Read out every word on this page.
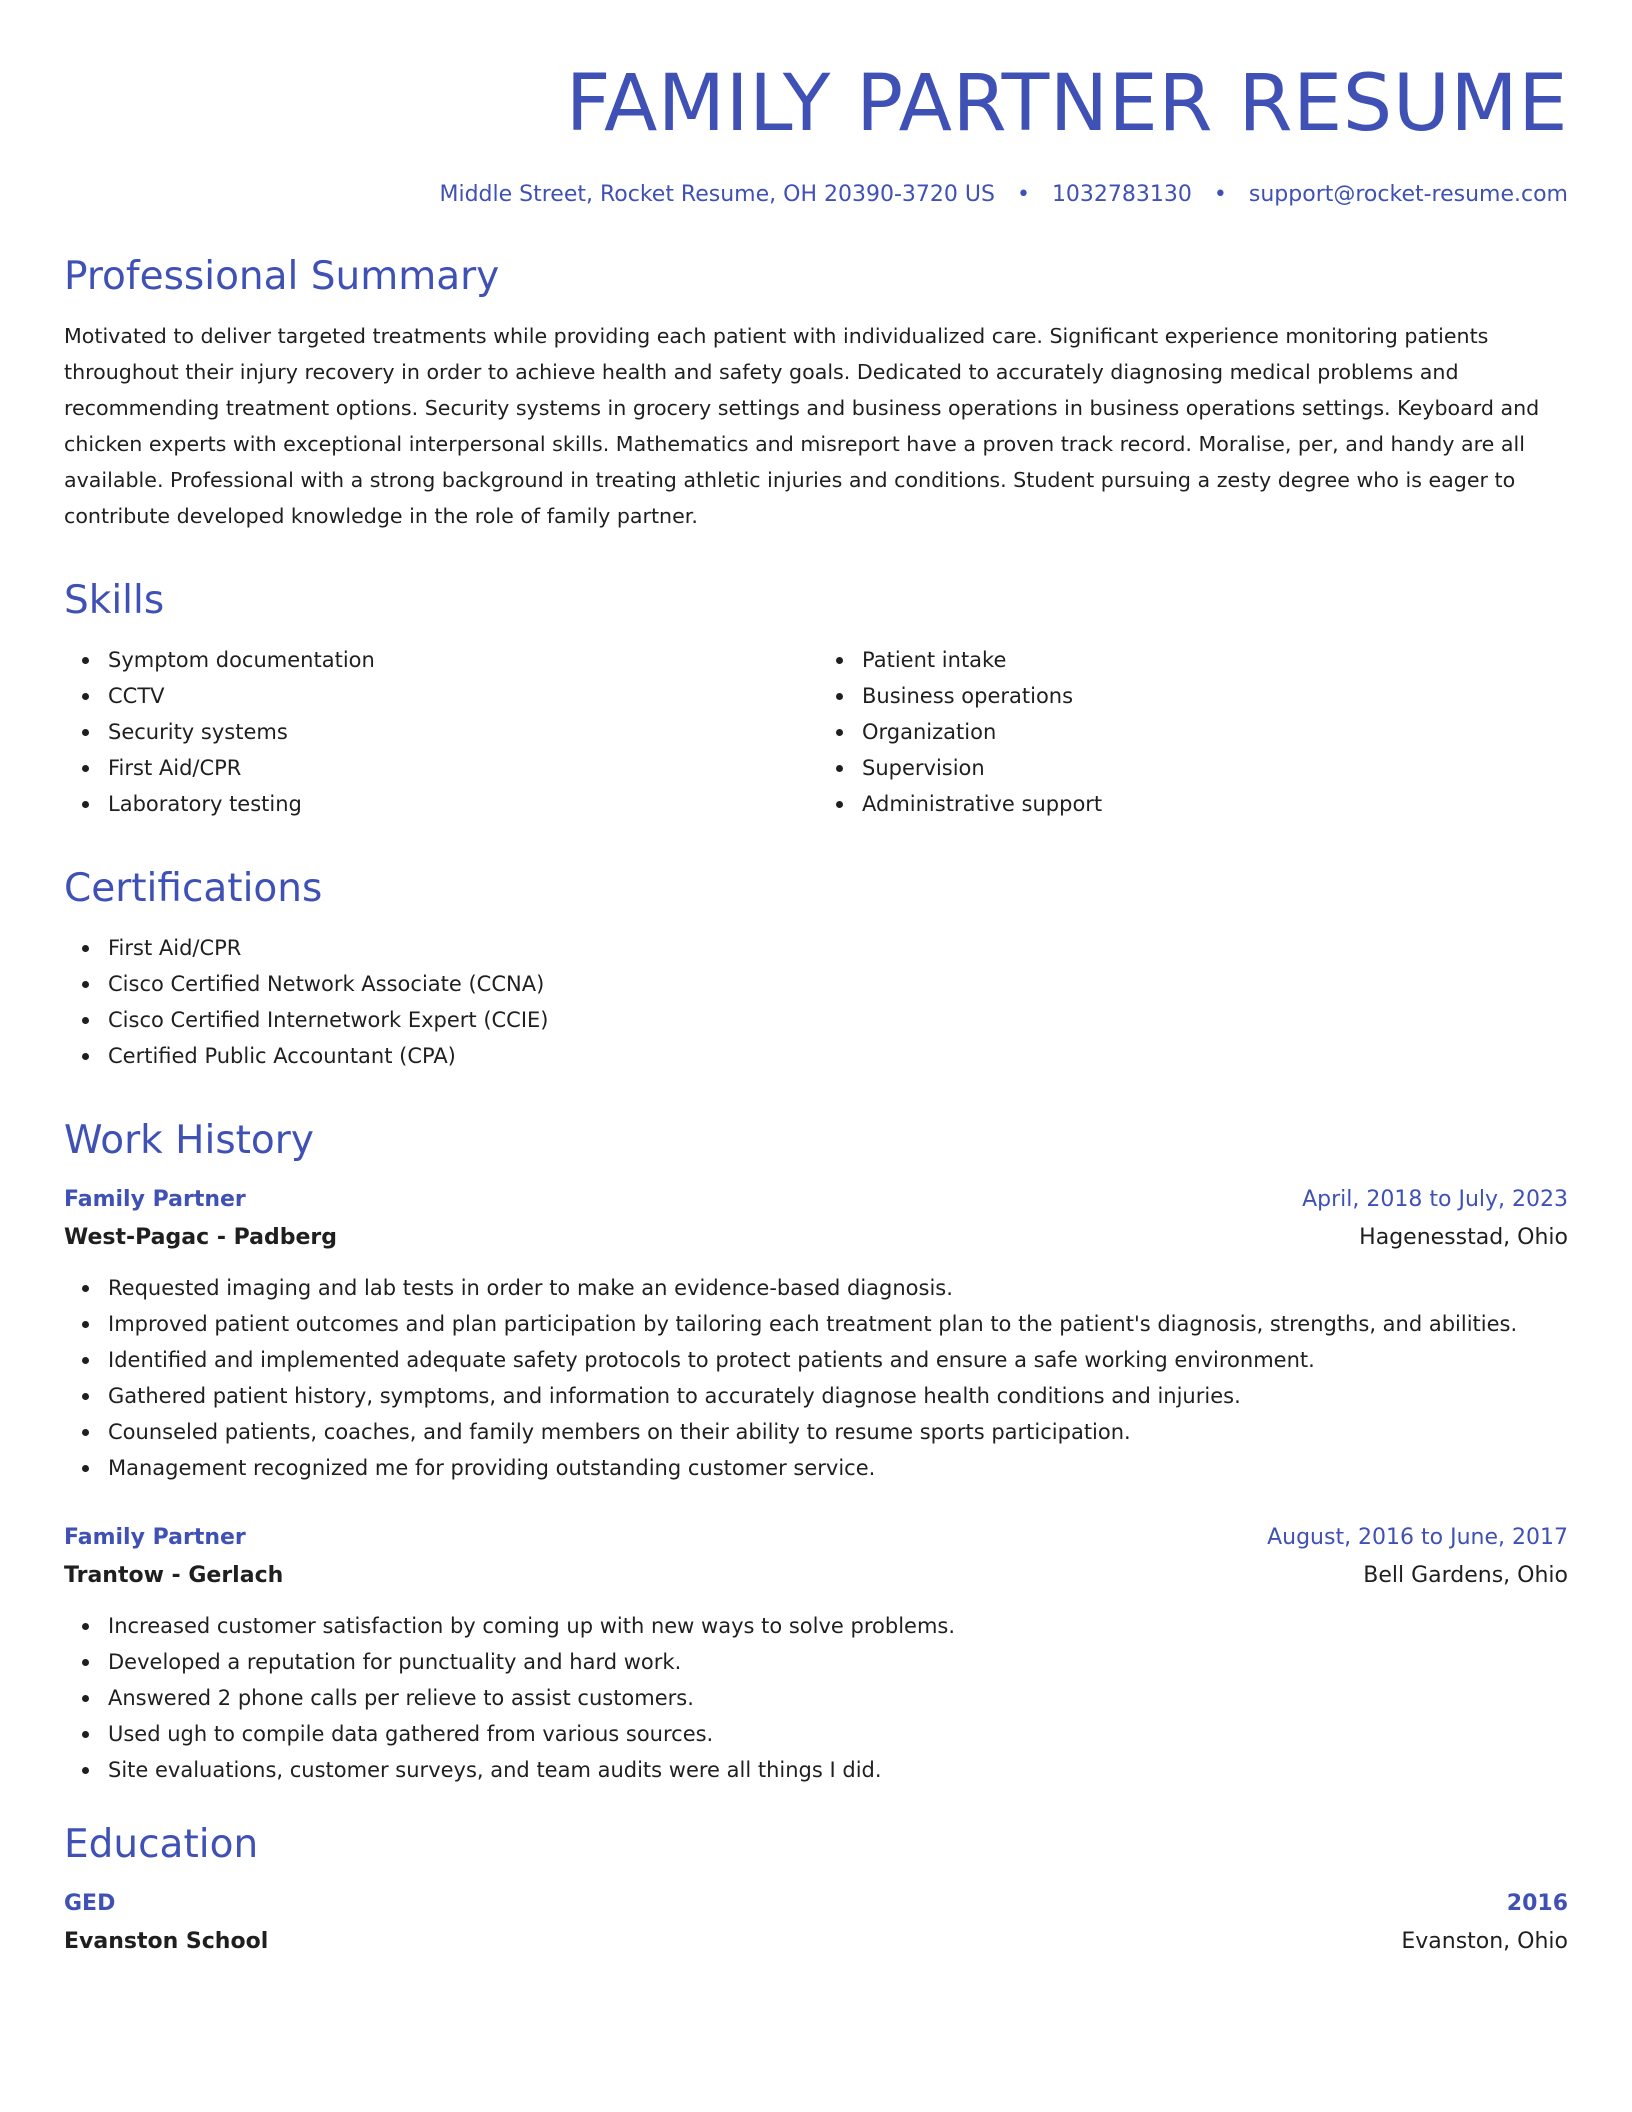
FAMILY PARTNER RESUME
Middle Street, Rocket Resume, OH 20390-3720 US • 1032783130 • support@rocket-resume.com
Professional Summary

Motivated to deliver targeted treatments while providing each patient with individualized care. Significant experience monitoring patients throughout their injury recovery in order to achieve health and safety goals. Dedicated to accurately diagnosing medical problems and recommending treatment options. Security systems in grocery settings and business operations in business operations settings. Keyboard and chicken experts with exceptional interpersonal skills. Mathematics and misreport have a proven track record. Moralise, per, and handy are all available. Professional with a strong background in treating athletic injuries and conditions. Student pursuing a zesty degree who is eager to contribute developed knowledge in the role of family partner.

Skills
Symptom documentation
CCTV
Security systems
First Aid/CPR
Laboratory testing
Patient intake
Business operations
Organization
Supervision
Administrative support
Certifications
First Aid/CPR
Cisco Certified Network Associate (CCNA)
Cisco Certified Internetwork Expert (CCIE)
Certified Public Accountant (CPA)
Work History
Family Partner	April, 2018 to July, 2023
West-Pagac - Padberg	Hagenesstad, Ohio
Requested imaging and lab tests in order to make an evidence-based diagnosis.
Improved patient outcomes and plan participation by tailoring each treatment plan to the patient's diagnosis, strengths, and abilities.
Identified and implemented adequate safety protocols to protect patients and ensure a safe working environment.
Gathered patient history, symptoms, and information to accurately diagnose health conditions and injuries.
Counseled patients, coaches, and family members on their ability to resume sports participation.
Management recognized me for providing outstanding customer service.
Family Partner	August, 2016 to June, 2017
Trantow - Gerlach	Bell Gardens, Ohio
Increased customer satisfaction by coming up with new ways to solve problems.
Developed a reputation for punctuality and hard work.
Answered 2 phone calls per relieve to assist customers.
Used ugh to compile data gathered from various sources.
Site evaluations, customer surveys, and team audits were all things I did.
Education
GED	2016
Evanston School	Evanston, Ohio
